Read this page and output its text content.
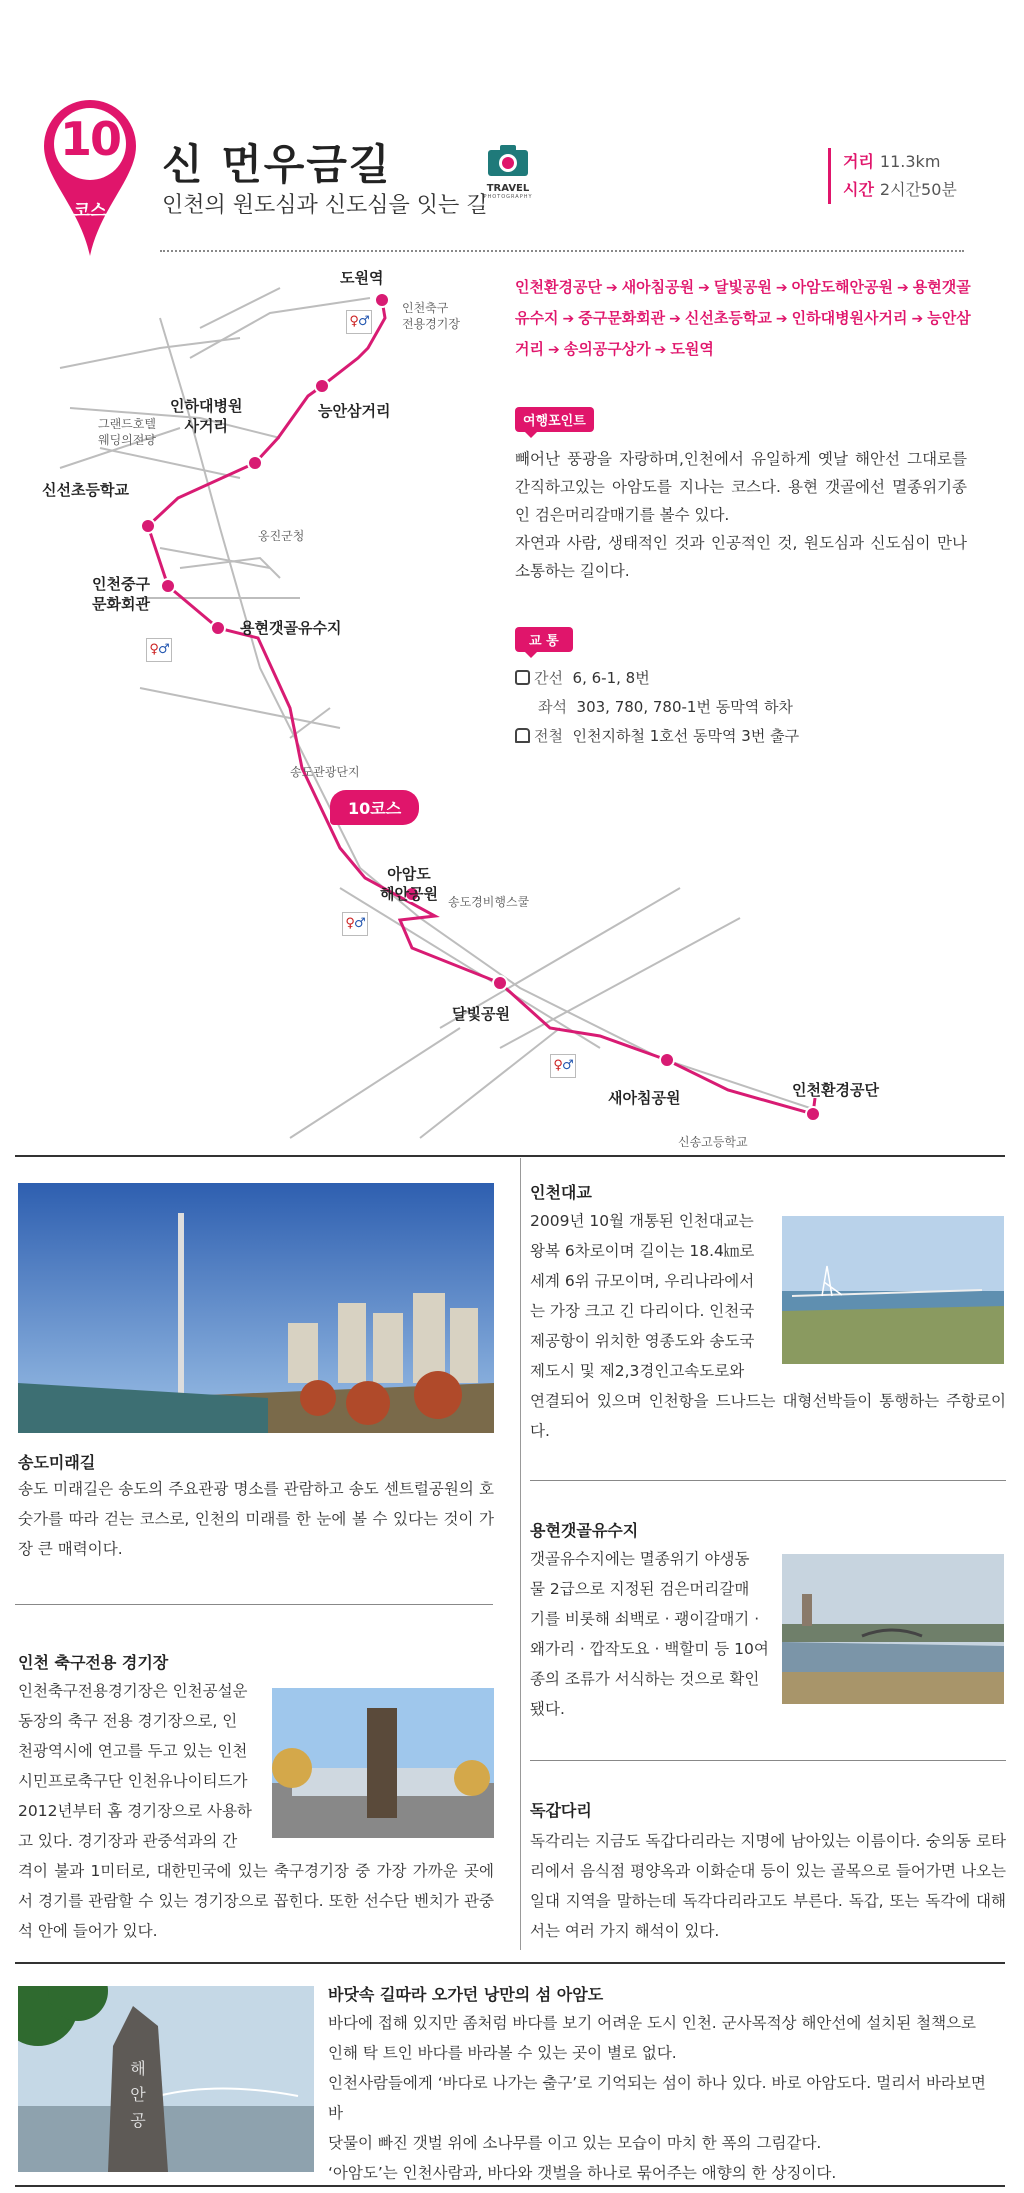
10
코스
신 먼우금길
인천의 원도심과 신도심을 잇는 길
TRAVEL
PHOTOGRAPHY
거리 11.3km
시간 2시간50분
도원역
능안삼거리
인하대병원
사거리
신선초등학교
인천중구
문화회관
용현갯골유수지
아암도
해안공원
달빛공원
새아침공원	인천환경공단
인천축구
전용경기장
그랜드호텔
웨딩의전당
옹진군청
송도관광단지
송도경비행스쿨
신송고등학교
♀♂
♀♂
♀♂
♀♂
10코스
인천환경공단 ➔ 새아침공원 ➔ 달빛공원 ➔ 아암도해안공원 ➔ 용현갯골유수지 ➔ 중구문화회관 ➔ 신선초등학교 ➔ 인하대병원사거리 ➔ 능안삼거리 ➔ 송의공구상가 ➔ 도원역
여행포인트
빼어난 풍광을 자랑하며,인천에서 유일하게 옛날 해안선 그대로를 간직하고있는 아암도를 지나는 코스다. 용현 갯골에선 멸종위기종인 검은머리갈매기를 볼수 있다.
자연과 사람, 생태적인 것과 인공적인 것, 원도심과 신도심이 만나 소통하는 길이다.
교 통
간선 6, 6-1, 8번
좌석 303, 780, 780-1번 동막역 하차
전철 인천지하철 1호선 동막역 3번 출구
송도미래길
송도 미래길은 송도의 주요관광 명소를 관람하고 송도 센트럴공원의 호숫가를 따라 걷는 코스로, 인천의 미래를 한 눈에 볼 수 있다는 것이 가장 큰 매력이다.
인천대교
2009년 10월 개통된 인천대교는
왕복 6차로이며 길이는 18.4㎞로
세계 6위 규모이며, 우리나라에서
는 가장 크고 긴 다리이다. 인천국
제공항이 위치한 영종도와 송도국
제도시 및 제2,3경인고속도로와
연결되어 있으며 인천항을 드나드는 대형선박들이 통행하는 주항로이다.
인천 축구전용 경기장
인천축구전용경기장은 인천공설운
동장의 축구 전용 경기장으로, 인
천광역시에 연고를 두고 있는 인천
시민프로축구단 인천유나이티드가
2012년부터 홈 경기장으로 사용하
고 있다. 경기장과 관중석과의 간
격이 불과 1미터로, 대한민국에 있는 축구경기장 중 가장 가까운 곳에서 경기를 관람할 수 있는 경기장으로 꼽힌다. 또한 선수단 벤치가 관중석 안에 들어가 있다.
용현갯골유수지
갯골유수지에는 멸종위기 야생동
물 2급으로 지정된 검은머리갈매
기를 비롯해 쇠백로 · 괭이갈매기 ·
왜가리 · 깝작도요 · 백할미 등 10여
종의 조류가 서식하는 것으로 확인
됐다.
독갑다리
독각리는 지금도 독갑다리라는 지명에 남아있는 이름이다. 숭의동 로타리에서 음식점 평양옥과 이화순대 등이 있는 골목으로 들어가면 나오는 일대 지역을 말하는데 독각다리라고도 부른다. 독갑, 또는 독각에 대해서는 여러 가지 해석이 있다.
해안공
바닷속 길따라 오가던 낭만의 섬 아암도
바다에 접해 있지만 좀처럼 바다를 보기 어려운 도시 인천. 군사목적상 해안선에 설치된 철책으로
인해 탁 트인 바다를 바라볼 수 있는 곳이 별로 없다.
인천사람들에게 ‘바다로 나가는 출구’로 기억되는 섬이 하나 있다. 바로 아암도다. 멀리서 바라보면 바
닷물이 빠진 갯벌 위에 소나무를 이고 있는 모습이 마치 한 폭의 그림같다.
‘아암도’는 인천사람과, 바다와 갯벌을 하나로 묶어주는 애향의 한 상징이다.
